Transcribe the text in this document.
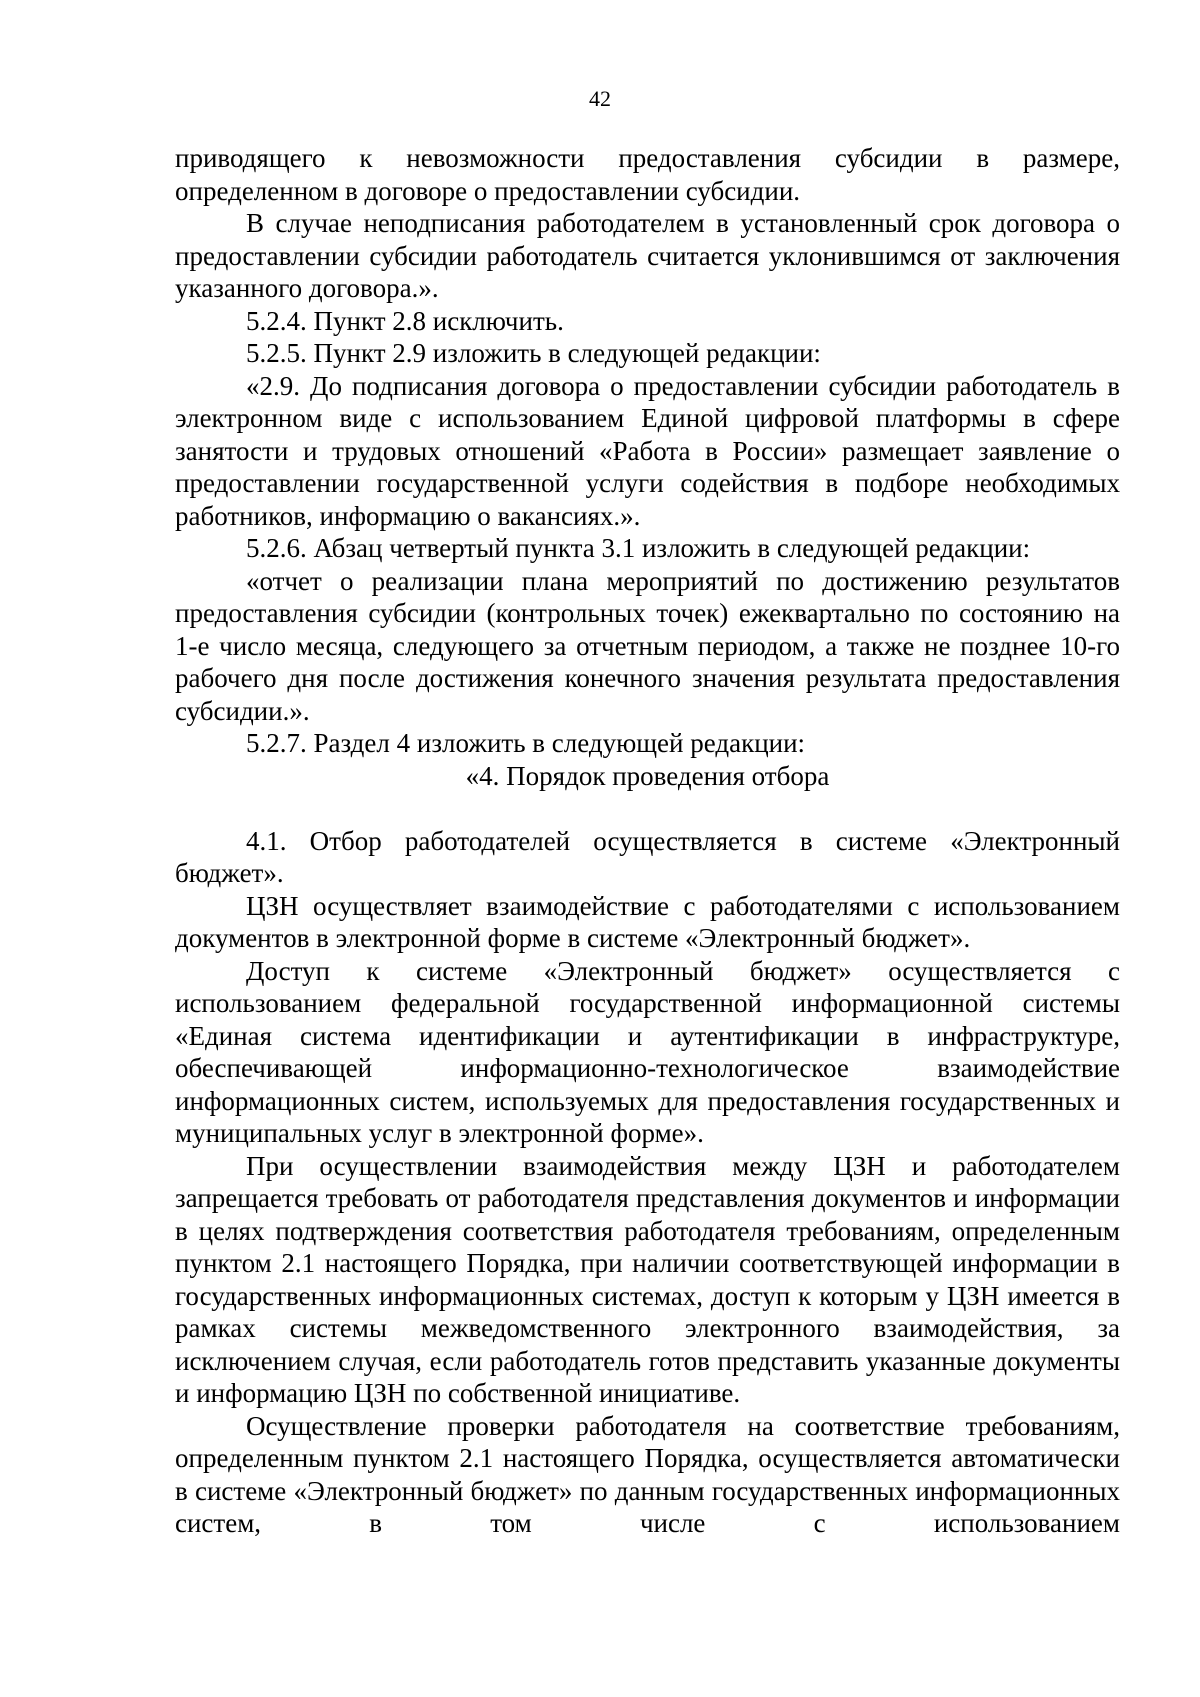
42

приводящего к невозможности предоставления субсидии в размере, определенном в договоре о предоставлении субсидии.

В случае неподписания работодателем в установленный срок договора о предоставлении субсидии работодатель считается уклонившимся от заключения указанного договора.».

5.2.4. Пункт 2.8 исключить.

5.2.5. Пункт 2.9 изложить в следующей редакции:

«2.9. До подписания договора о предоставлении субсидии работодатель в электронном виде с использованием Единой цифровой платформы в сфере занятости и трудовых отношений «Работа в России» размещает заявление о предоставлении государственной услуги содействия в подборе необходимых работников, информацию о вакансиях.».

5.2.6. Абзац четвертый пункта 3.1 изложить в следующей редакции:

«отчет о реализации плана мероприятий по достижению результатов предоставления субсидии (контрольных точек) ежеквартально по состоянию на 1-е число месяца, следующего за отчетным периодом, а также не позднее 10-го рабочего дня после достижения конечного значения результата предоставления субсидии.».

5.2.7. Раздел 4 изложить в следующей редакции:

«4. Порядок проведения отбора

4.1. Отбор работодателей осуществляется в системе «Электронный бюджет».

ЦЗН осуществляет взаимодействие с работодателями с использованием документов в электронной форме в системе «Электронный бюджет».

Доступ к системе «Электронный бюджет» осуществляется с использованием федеральной государственной информационной системы «Единая система идентификации и аутентификации в инфраструктуре, обеспечивающей информационно-технологическое взаимодействие информационных систем, используемых для предоставления государственных и муниципальных услуг в электронной форме».

При осуществлении взаимодействия между ЦЗН и работодателем запрещается требовать от работодателя представления документов и информации в целях подтверждения соответствия работодателя требованиям, определенным пунктом 2.1 настоящего Порядка, при наличии соответствующей информации в государственных информационных системах, доступ к которым у ЦЗН имеется в рамках системы межведомственного электронного взаимодействия, за исключением случая, если работодатель готов представить указанные документы и информацию ЦЗН по собственной инициативе.

Осуществление проверки работодателя на соответствие требованиям, определенным пунктом 2.1 настоящего Порядка, осуществляется автоматически в системе «Электронный бюджет» по данным государственных информационных систем, в том числе с использованием
